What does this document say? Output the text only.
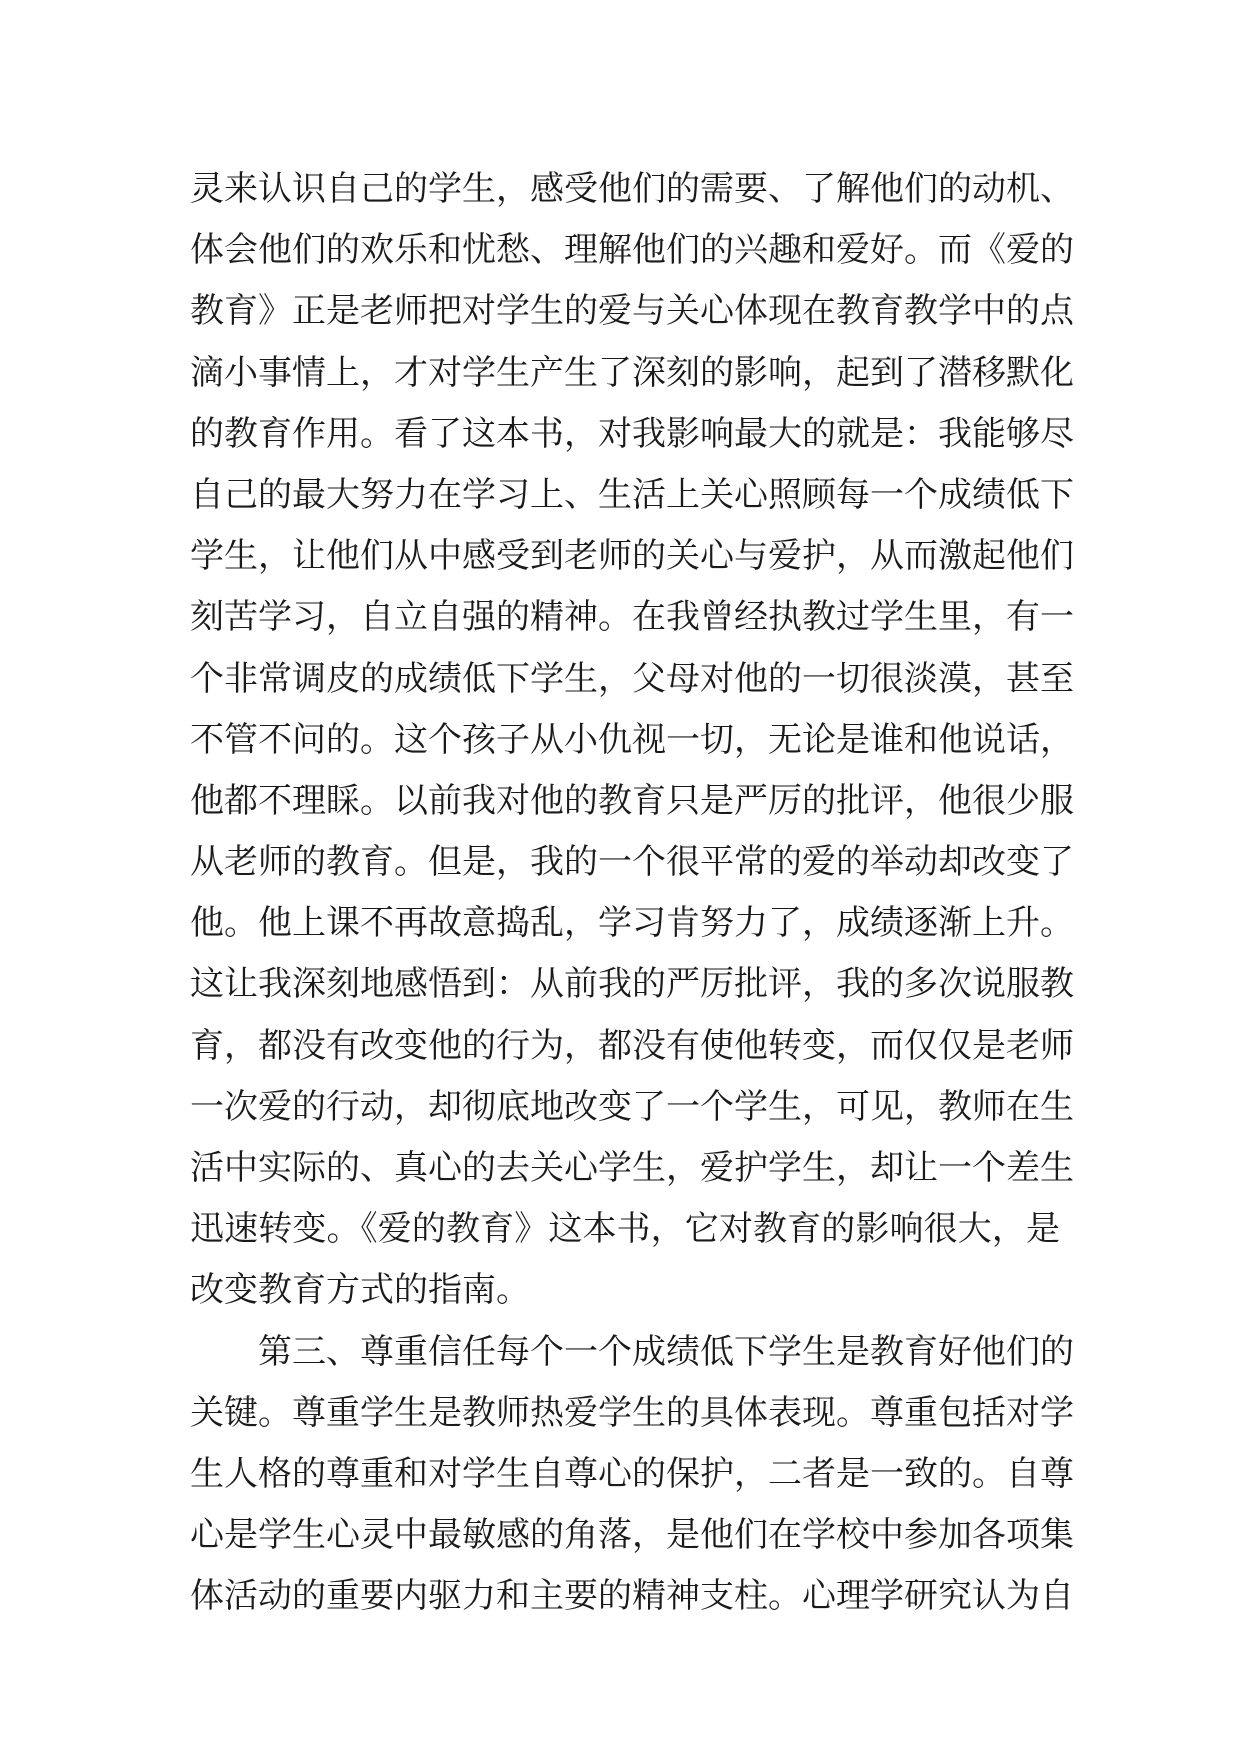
灵来认识自己的学生，感受他们的需要、了解他们的动机、
体会他们的欢乐和忧愁、理解他们的兴趣和爱好。而《爱的
教育》正是老师把对学生的爱与关心体现在教育教学中的点
滴小事情上，才对学生产生了深刻的影响，起到了潜移默化
的教育作用。看了这本书，对我影响最大的就是：我能够尽
自己的最大努力在学习上、生活上关心照顾每一个成绩低下
学生，让他们从中感受到老师的关心与爱护，从而激起他们
刻苦学习，自立自强的精神。在我曾经执教过学生里，有一
个非常调皮的成绩低下学生，父母对他的一切很淡漠，甚至
不管不问的。这个孩子从小仇视一切，无论是谁和他说话，
他都不理睬。以前我对他的教育只是严厉的批评，他很少服
从老师的教育。但是，我的一个很平常的爱的举动却改变了
他。他上课不再故意捣乱，学习肯努力了，成绩逐渐上升。
这让我深刻地感悟到：从前我的严厉批评，我的多次说服教
育，都没有改变他的行为，都没有使他转变，而仅仅是老师
一次爱的行动，却彻底地改变了一个学生，可见，教师在生
活中实际的、真心的去关心学生，爱护学生，却让一个差生
迅速转变。《爱的教育》这本书，它对教育的影响很大，是
改变教育方式的指南。
第三、尊重信任每个一个成绩低下学生是教育好他们的
关键。尊重学生是教师热爱学生的具体表现。尊重包括对学
生人格的尊重和对学生自尊心的保护，二者是一致的。自尊
心是学生心灵中最敏感的角落，是他们在学校中参加各项集
体活动的重要内驱力和主要的精神支柱。心理学研究认为自
